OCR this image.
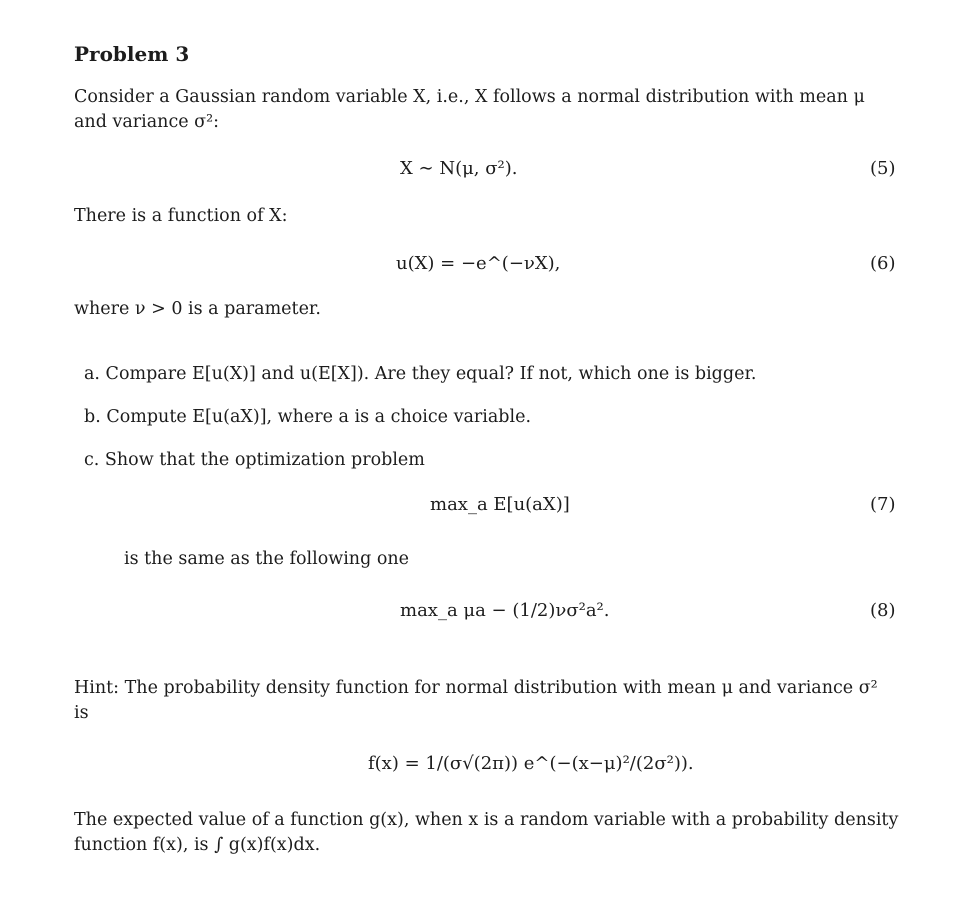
Problem 3
Consider a Gaussian random variable X, i.e., X follows a normal distribution with mean μ
and variance σ²:
X ∼ N(μ, σ²).	(5)
There is a function of X:
u(X) = −e^(−νX),	(6)
where ν > 0 is a parameter.
a. Compare E[u(X)] and u(E[X]). Are they equal? If not, which one is bigger.
b. Compute E[u(aX)], where a is a choice variable.
c. Show that the optimization problem
max_a E[u(aX)]	(7)
is the same as the following one
max_a μa − (1/2)νσ²a².	(8)
Hint: The probability density function for normal distribution with mean μ and variance σ²
is
f(x) = 1/(σ√(2π)) e^(−(x−μ)²/(2σ²)).
The expected value of a function g(x), when x is a random variable with a probability density
function f(x), is ∫ g(x)f(x)dx.
